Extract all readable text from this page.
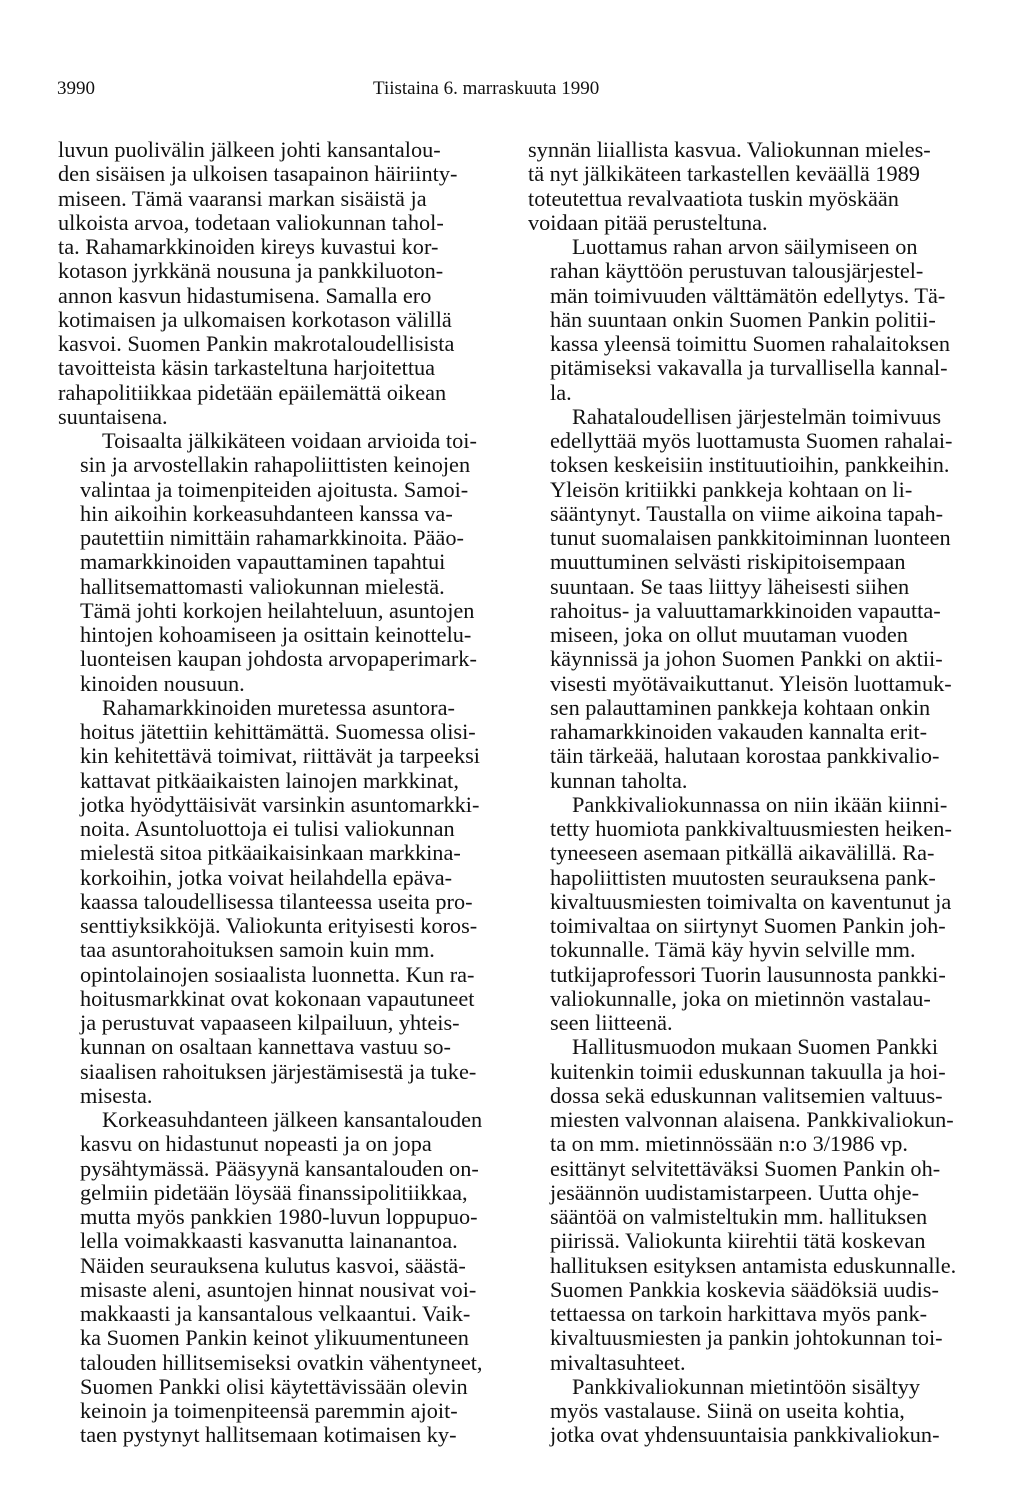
3990	Tiistaina 6. marraskuuta 1990

luvun puolivälin jälkeen johti kansantalou-
den sisäisen ja ulkoisen tasapainon häiriinty-
miseen. Tämä vaaransi markan sisäistä ja
ulkoista arvoa, todetaan valiokunnan tahol-
ta. Rahamarkkinoiden kireys kuvastui kor-
kotason jyrkkänä nousuna ja pankkiluoton-
annon kasvun hidastumisena. Samalla ero
kotimaisen ja ulkomaisen korkotason välillä
kasvoi. Suomen Pankin makrotaloudellisista
tavoitteista käsin tarkasteltuna harjoitettua
rahapolitiikkaa pidetään epäilemättä oikean
suuntaisena.

Toisaalta jälkikäteen voidaan arvioida toi-
sin ja arvostellakin rahapoliittisten keinojen
valintaa ja toimenpiteiden ajoitusta. Samoi-
hin aikoihin korkeasuhdanteen kanssa va-
pautettiin nimittäin rahamarkkinoita. Pääo-
mamarkkinoiden vapauttaminen tapahtui
hallitsemattomasti valiokunnan mielestä.
Tämä johti korkojen heilahteluun, asuntojen
hintojen kohoamiseen ja osittain keinottelu-
luonteisen kaupan johdosta arvopaperimark-
kinoiden nousuun.

Rahamarkkinoiden muretessa asuntora-
hoitus jätettiin kehittämättä. Suomessa olisi-
kin kehitettävä toimivat, riittävät ja tarpeeksi
kattavat pitkäaikaisten lainojen markkinat,
jotka hyödyttäisivät varsinkin asuntomarkki-
noita. Asuntoluottoja ei tulisi valiokunnan
mielestä sitoa pitkäaikaisinkaan markkina-
korkoihin, jotka voivat heilahdella epäva-
kaassa taloudellisessa tilanteessa useita pro-
senttiyksikköjä. Valiokunta erityisesti koros-
taa asuntorahoituksen samoin kuin mm.
opintolainojen sosiaalista luonnetta. Kun ra-
hoitusmarkkinat ovat kokonaan vapautuneet
ja perustuvat vapaaseen kilpailuun, yhteis-
kunnan on osaltaan kannettava vastuu so-
siaalisen rahoituksen järjestämisestä ja tuke-
misesta.

Korkeasuhdanteen jälkeen kansantalouden
kasvu on hidastunut nopeasti ja on jopa
pysähtymässä. Pääsyynä kansantalouden on-
gelmiin pidetään löysää finanssipolitiikkaa,
mutta myös pankkien 1980-luvun loppupuo-
lella voimakkaasti kasvanutta lainanantoa.
Näiden seurauksena kulutus kasvoi, säästä-
misaste aleni, asuntojen hinnat nousivat voi-
makkaasti ja kansantalous velkaantui. Vaik-
ka Suomen Pankin keinot ylikuumentuneen
talouden hillitsemiseksi ovatkin vähentyneet,
Suomen Pankki olisi käytettävissään olevin
keinoin ja toimenpiteensä paremmin ajoit-
taen pystynyt hallitsemaan kotimaisen ky-

synnän liiallista kasvua. Valiokunnan mieles-
tä nyt jälkikäteen tarkastellen keväällä 1989
toteutettua revalvaatiota tuskin myöskään
voidaan pitää perusteltuna.

Luottamus rahan arvon säilymiseen on
rahan käyttöön perustuvan talousjärjestel-
män toimivuuden välttämätön edellytys. Tä-
hän suuntaan onkin Suomen Pankin politii-
kassa yleensä toimittu Suomen rahalaitoksen
pitämiseksi vakavalla ja turvallisella kannal-
la.

Rahataloudellisen järjestelmän toimivuus
edellyttää myös luottamusta Suomen rahalai-
toksen keskeisiin instituutioihin, pankkeihin.
Yleisön kritiikki pankkeja kohtaan on li-
sääntynyt. Taustalla on viime aikoina tapah-
tunut suomalaisen pankkitoiminnan luonteen
muuttuminen selvästi riskipitoisempaan
suuntaan. Se taas liittyy läheisesti siihen
rahoitus- ja valuuttamarkkinoiden vapautta-
miseen, joka on ollut muutaman vuoden
käynnissä ja johon Suomen Pankki on aktii-
visesti myötävaikuttanut. Yleisön luottamuk-
sen palauttaminen pankkeja kohtaan onkin
rahamarkkinoiden vakauden kannalta erit-
täin tärkeää, halutaan korostaa pankkivalio-
kunnan taholta.

Pankkivaliokunnassa on niin ikään kiinni-
tetty huomiota pankkivaltuusmiesten heiken-
tyneeseen asemaan pitkällä aikavälillä. Ra-
hapoliittisten muutosten seurauksena pank-
kivaltuusmiesten toimivalta on kaventunut ja
toimivaltaa on siirtynyt Suomen Pankin joh-
tokunnalle. Tämä käy hyvin selville mm.
tutkijaprofessori Tuorin lausunnosta pankki-
valiokunnalle, joka on mietinnön vastalau-
seen liitteenä.

Hallitusmuodon mukaan Suomen Pankki
kuitenkin toimii eduskunnan takuulla ja hoi-
dossa sekä eduskunnan valitsemien valtuus-
miesten valvonnan alaisena. Pankkivaliokun-
ta on mm. mietinnössään n:o 3/1986 vp.
esittänyt selvitettäväksi Suomen Pankin oh-
jesäännön uudistamistarpeen. Uutta ohje-
sääntöä on valmisteltukin mm. hallituksen
piirissä. Valiokunta kiirehtii tätä koskevan
hallituksen esityksen antamista eduskunnalle.
Suomen Pankkia koskevia säädöksiä uudis-
tettaessa on tarkoin harkittava myös pank-
kivaltuusmiesten ja pankin johtokunnan toi-
mivaltasuhteet.

Pankkivaliokunnan mietintöön sisältyy
myös vastalause. Siinä on useita kohtia,
jotka ovat yhdensuuntaisia pankkivaliokun-
